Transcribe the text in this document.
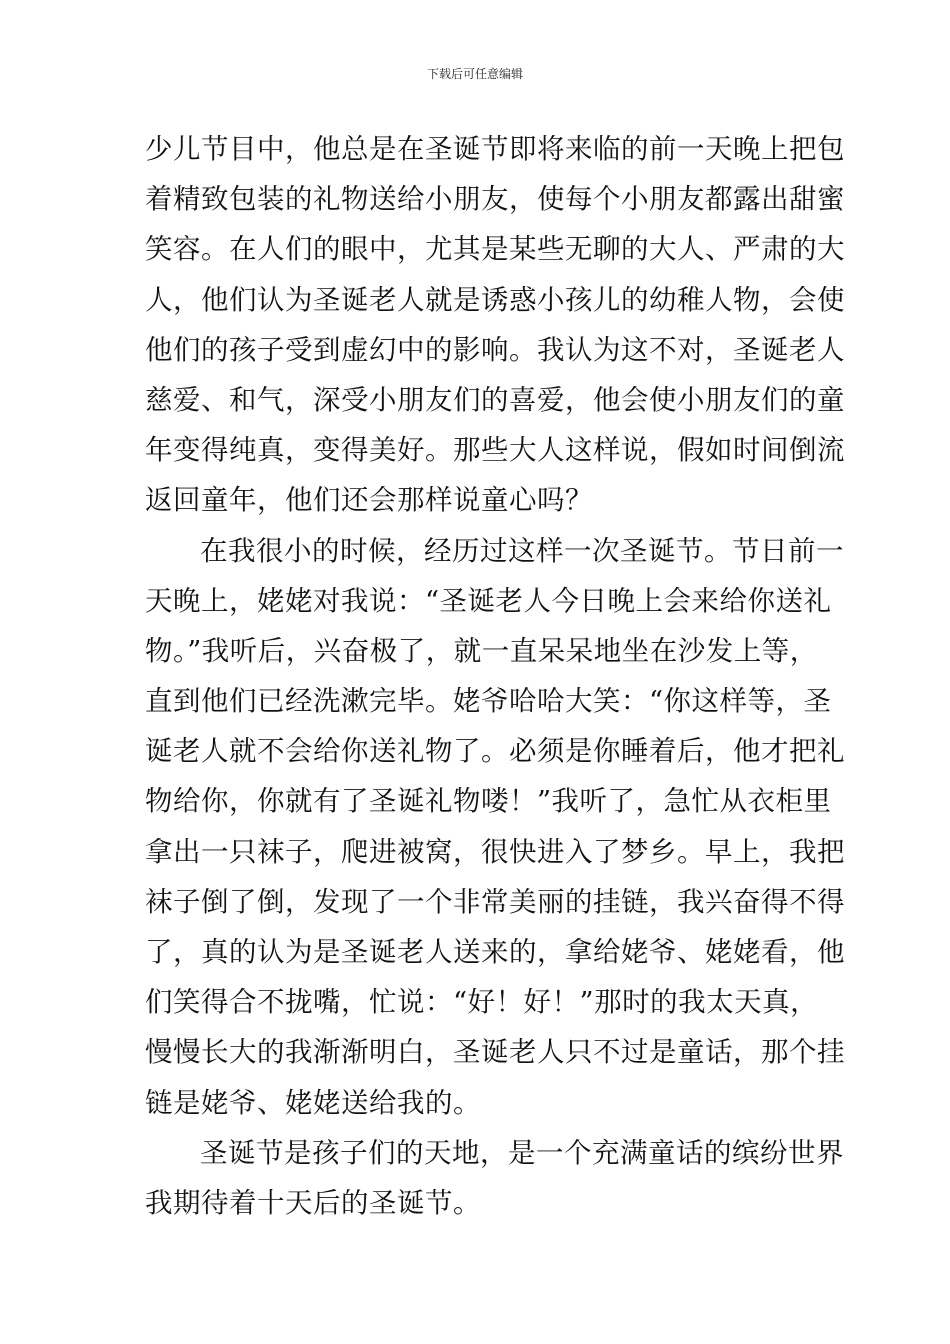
下载后可任意编辑
少儿节目中，他总是在圣诞节即将来临的前一天晚上把包
着精致包装的礼物送给小朋友，使每个小朋友都露出甜蜜
笑容。在人们的眼中，尤其是某些无聊的大人、严肃的大
人，他们认为圣诞老人就是诱惑小孩儿的幼稚人物，会使
他们的孩子受到虚幻中的影响。我认为这不对，圣诞老人
慈爱、和气，深受小朋友们的喜爱，他会使小朋友们的童
年变得纯真，变得美好。那些大人这样说，假如时间倒流
返回童年，他们还会那样说童心吗？
在我很小的时候，经历过这样一次圣诞节。节日前一
天晚上，姥姥对我说：“圣诞老人今日晚上会来给你送礼
物。”我听后，兴奋极了，就一直呆呆地坐在沙发上等，
直到他们已经洗漱完毕。姥爷哈哈大笑：“你这样等，圣
诞老人就不会给你送礼物了。必须是你睡着后，他才把礼
物给你，你就有了圣诞礼物喽！”我听了，急忙从衣柜里
拿出一只袜子，爬进被窝，很快进入了梦乡。早上，我把
袜子倒了倒，发现了一个非常美丽的挂链，我兴奋得不得
了，真的认为是圣诞老人送来的，拿给姥爷、姥姥看，他
们笑得合不拢嘴，忙说：“好！好！”那时的我太天真，
慢慢长大的我渐渐明白，圣诞老人只不过是童话，那个挂
链是姥爷、姥姥送给我的。
圣诞节是孩子们的天地，是一个充满童话的缤纷世界
我期待着十天后的圣诞节。
